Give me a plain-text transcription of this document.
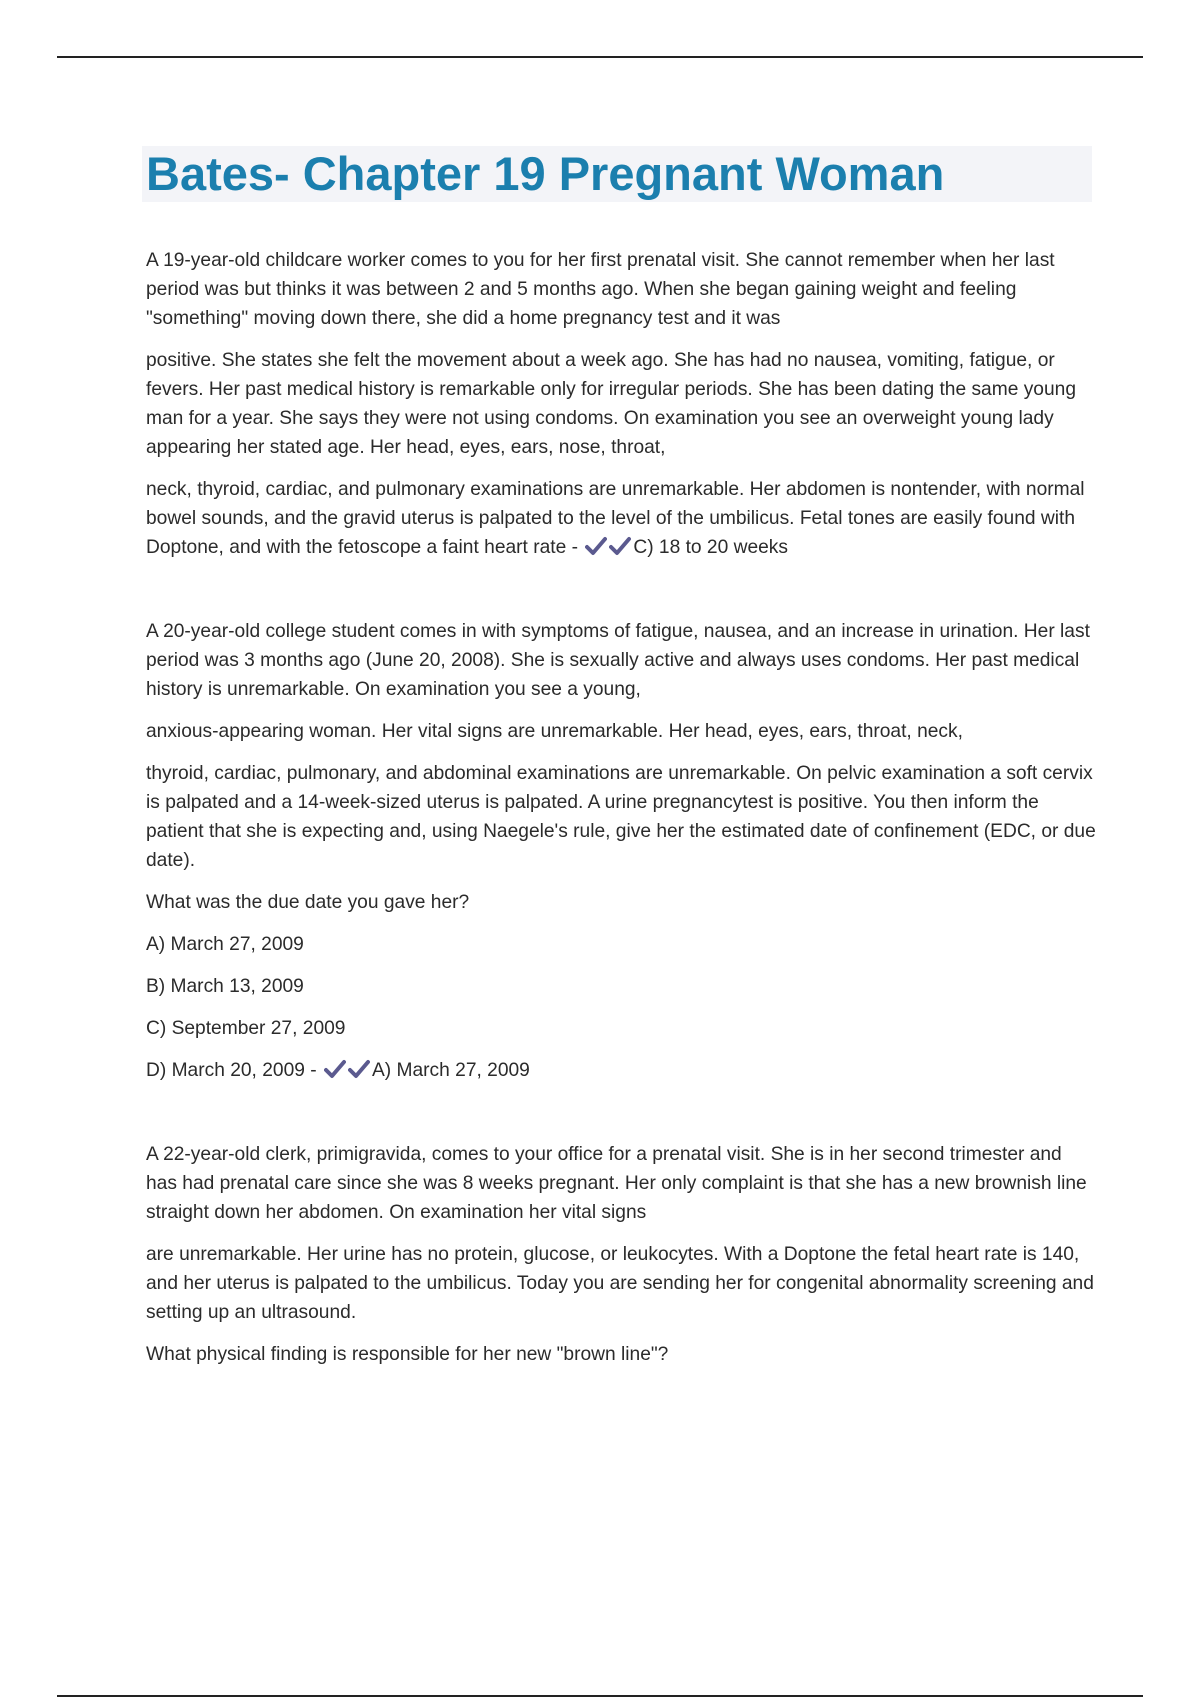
Bates- Chapter 19 Pregnant Woman

A 19-year-old childcare worker comes to you for her first prenatal visit. She cannot remember when her last period was but thinks it was between 2 and 5 months ago. When she began gaining weight and feeling "something" moving down there, she did a home pregnancy test and it was

positive. She states she felt the movement about a week ago. She has had no nausea, vomiting, fatigue, or fevers. Her past medical history is remarkable only for irregular periods. She has been dating the same young man for a year. She says they were not using condoms. On examination you see an overweight young lady appearing her stated age. Her head, eyes, ears, nose, throat,

neck, thyroid, cardiac, and pulmonary examinations are unremarkable. Her abdomen is nontender, with normal bowel sounds, and the gravid uterus is palpated to the level of the umbilicus. Fetal tones are easily found with Doptone, and with the fetoscope a faint heart rate -	C) 18 to 20 weeks

A 20-year-old college student comes in with symptoms of fatigue, nausea, and an increase in urination. Her last period was 3 months ago (June 20, 2008). She is sexually active and always uses condoms. Her past medical history is unremarkable. On examination you see a young,

anxious-appearing woman. Her vital signs are unremarkable. Her head, eyes, ears, throat, neck,

thyroid, cardiac, pulmonary, and abdominal examinations are unremarkable. On pelvic examination a soft cervix is palpated and a 14-week-sized uterus is palpated. A urine pregnancytest is positive. You then inform the patient that she is expecting and, using Naegele's rule, give her the estimated date of confinement (EDC, or due date).

What was the due date you gave her?

A) March 27, 2009

B) March 13, 2009

C) September 27, 2009

D) March 20, 2009 -	A) March 27, 2009

A 22-year-old clerk, primigravida, comes to your office for a prenatal visit. She is in her second trimester and has had prenatal care since she was 8 weeks pregnant. Her only complaint is that she has a new brownish line straight down her abdomen. On examination her vital signs

are unremarkable. Her urine has no protein, glucose, or leukocytes. With a Doptone the fetal heart rate is 140, and her uterus is palpated to the umbilicus. Today you are sending her for congenital abnormality screening and setting up an ultrasound.

What physical finding is responsible for her new "brown line"?
